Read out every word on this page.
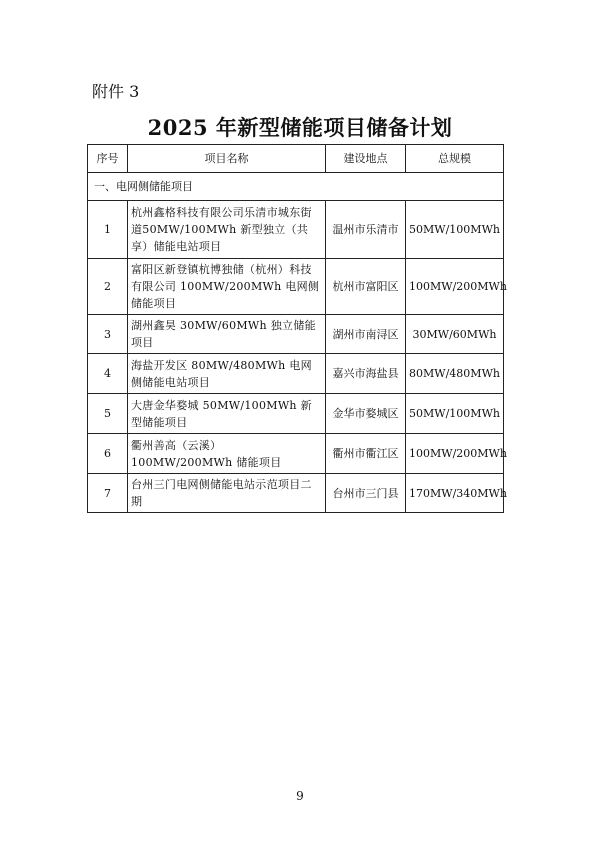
附件 3
2025 年新型储能项目储备计划
序号	项目名称	建设地点	总规模
一、电网侧储能项目			
1	杭州鑫格科技有限公司乐清市城东街道50MW/100MWh 新型独立（共享）储能电站项目	温州市乐清市	50MW/100MWh
2	富阳区新登镇杭博独储（杭州）科技有限公司 100MW/200MWh 电网侧储能项目	杭州市富阳区	100MW/200MWh
3	湖州鑫昊 30MW/60MWh 独立储能项目	湖州市南浔区	30MW/60MWh
4	海盐开发区 80MW/480MWh 电网侧储能电站项目	嘉兴市海盐县	80MW/480MWh
5	大唐金华婺城 50MW/100MWh 新型储能项目	金华市婺城区	50MW/100MWh
6	衢州善高（云溪）100MW/200MWh 储能项目	衢州市衢江区	100MW/200MWh
7	台州三门电网侧储能电站示范项目二期	台州市三门县	170MW/340MWh
9
